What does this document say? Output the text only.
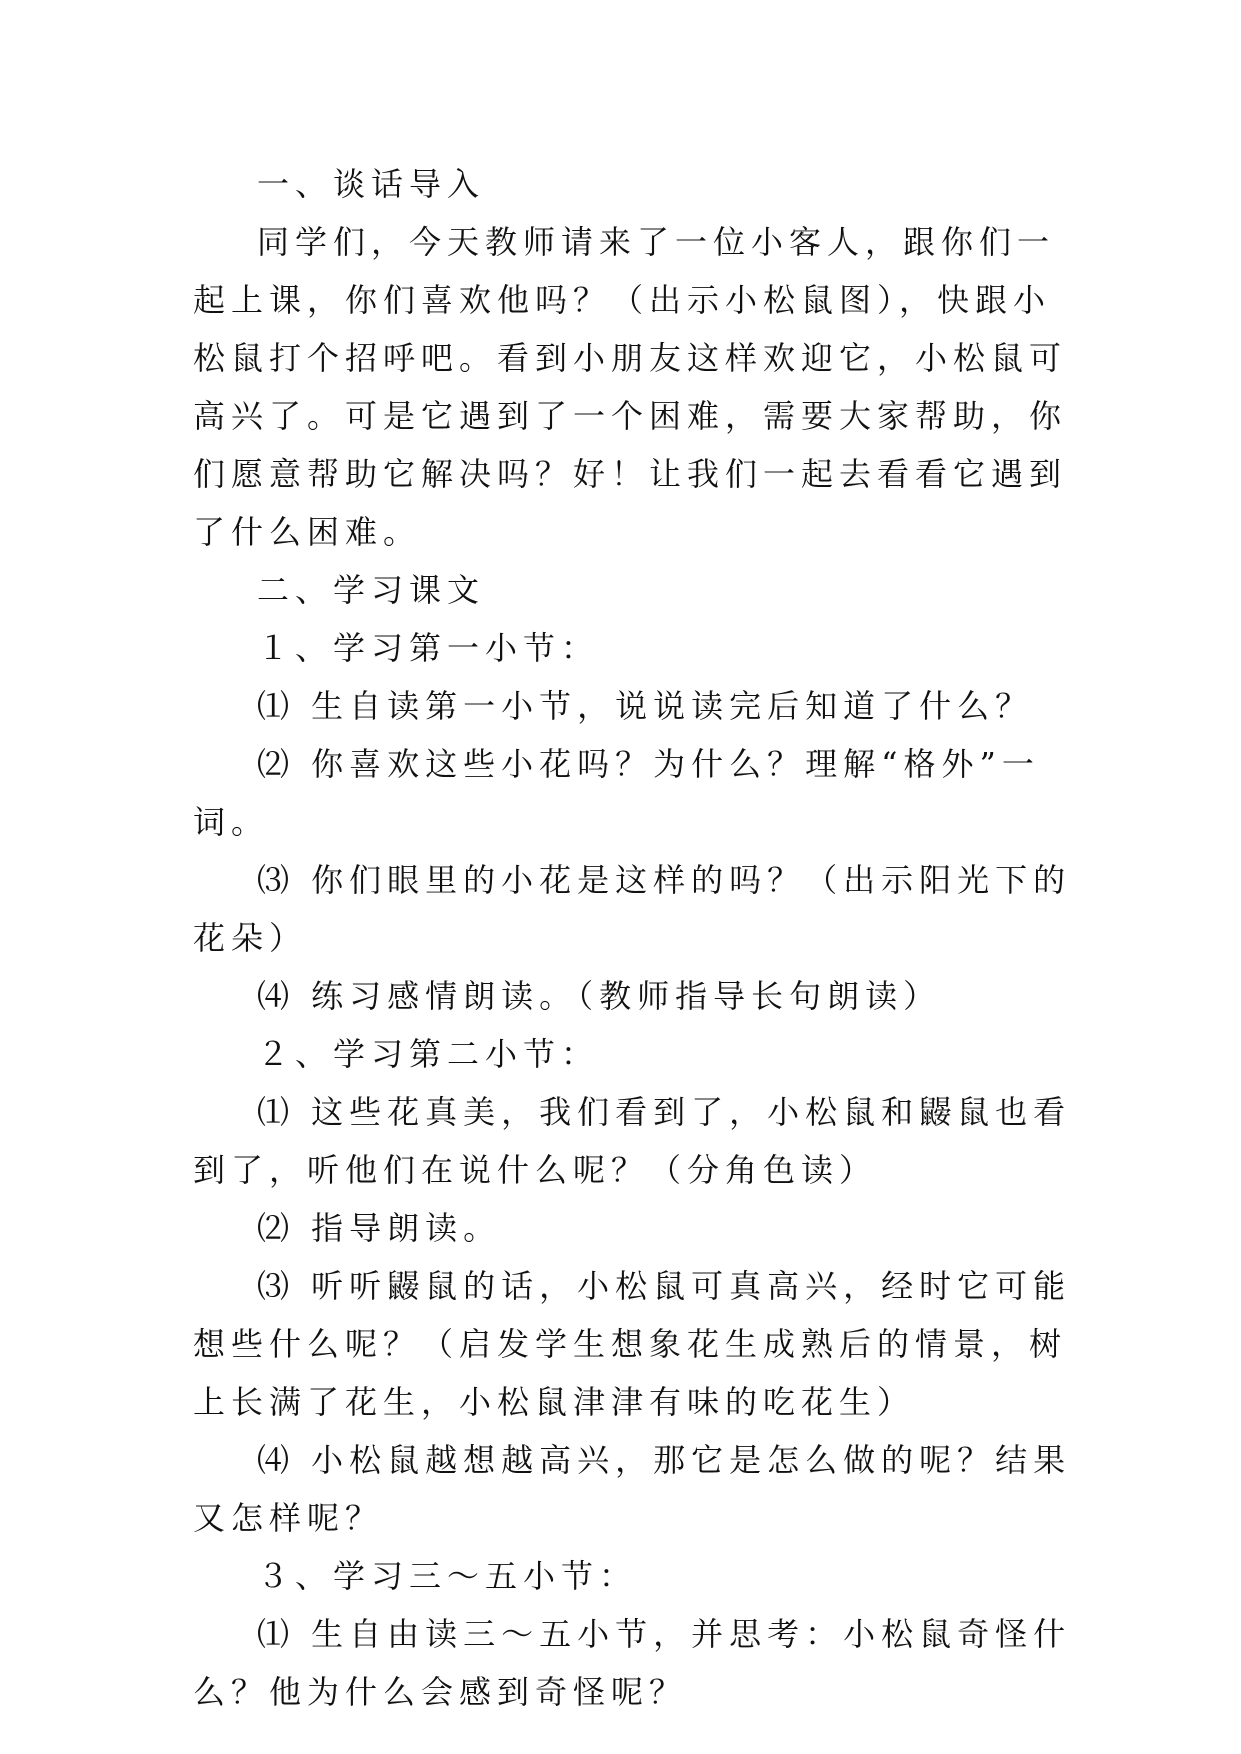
一、谈话导入

同学们，今天教师请来了一位小客人，跟你们一起上课，你们喜欢他吗？（出示小松鼠图），快跟小松鼠打个招呼吧。看到小朋友这样欢迎它，小松鼠可高兴了。可是它遇到了一个困难，需要大家帮助，你们愿意帮助它解决吗？好！让我们一起去看看它遇到了什么困难。

二、学习课文

１、学习第一小节：

⑴ 生自读第一小节，说说读完后知道了什么？

⑵ 你喜欢这些小花吗？为什么？理解“格外”一词。

⑶ 你们眼里的小花是这样的吗？（出示阳光下的花朵）

⑷ 练习感情朗读。（教师指导长句朗读）

２、学习第二小节：

⑴ 这些花真美，我们看到了，小松鼠和鼹鼠也看到了，听他们在说什么呢？（分角色读）

⑵ 指导朗读。

⑶ 听听鼹鼠的话，小松鼠可真高兴，经时它可能想些什么呢？（启发学生想象花生成熟后的情景，树上长满了花生，小松鼠津津有味的吃花生）

⑷ 小松鼠越想越高兴，那它是怎么做的呢？结果又怎样呢？

３、学习三～五小节：

⑴ 生自由读三～五小节，并思考：小松鼠奇怪什么？他为什么会感到奇怪呢？
